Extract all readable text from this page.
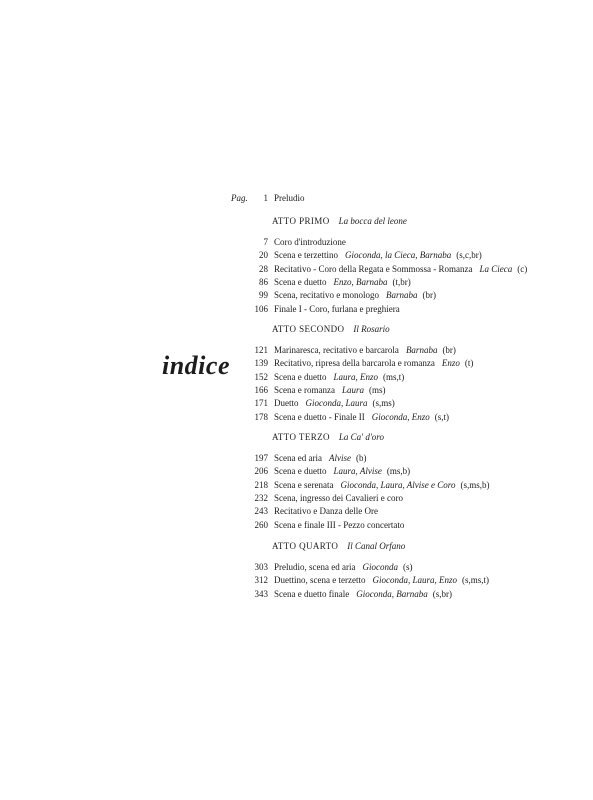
indice
Pag.	1 Preludio
ATTO PRIMO La bocca del leone
7 Coro d'introduzione
20 Scena e terzettino Gioconda, la Cieca, Barnaba (s,c,br)
28 Recitativo - Coro della Regata e Sommossa - Romanza La Cieca (c)
86 Scena e duetto Enzo, Barnaba (t,br)
99 Scena, recitativo e monologo Barnaba (br)
106 Finale I - Coro, furlana e preghiera
ATTO SECONDO Il Rosario
121 Marinaresca, recitativo e barcarola Barnaba (br)
139 Recitativo, ripresa della barcarola e romanza Enzo (t)
152 Scena e duetto Laura, Enzo (ms,t)
166 Scena e romanza Laura (ms)
171 Duetto Gioconda, Laura (s,ms)
178 Scena e duetto - Finale II Gioconda, Enzo (s,t)
ATTO TERZO La Ca' d'oro
197 Scena ed aria Alvise (b)
206 Scena e duetto Laura, Alvise (ms,b)
218 Scena e serenata Gioconda, Laura, Alvise e Coro (s,ms,b)
232 Scena, ingresso dei Cavalieri e coro
243 Recitativo e Danza delle Ore
260 Scena e finale III - Pezzo concertato
ATTO QUARTO Il Canal Orfano
303 Preludio, scena ed aria Gioconda (s)
312 Duettino, scena e terzetto Gioconda, Laura, Enzo (s,ms,t)
343 Scena e duetto finale Gioconda, Barnaba (s,br)
